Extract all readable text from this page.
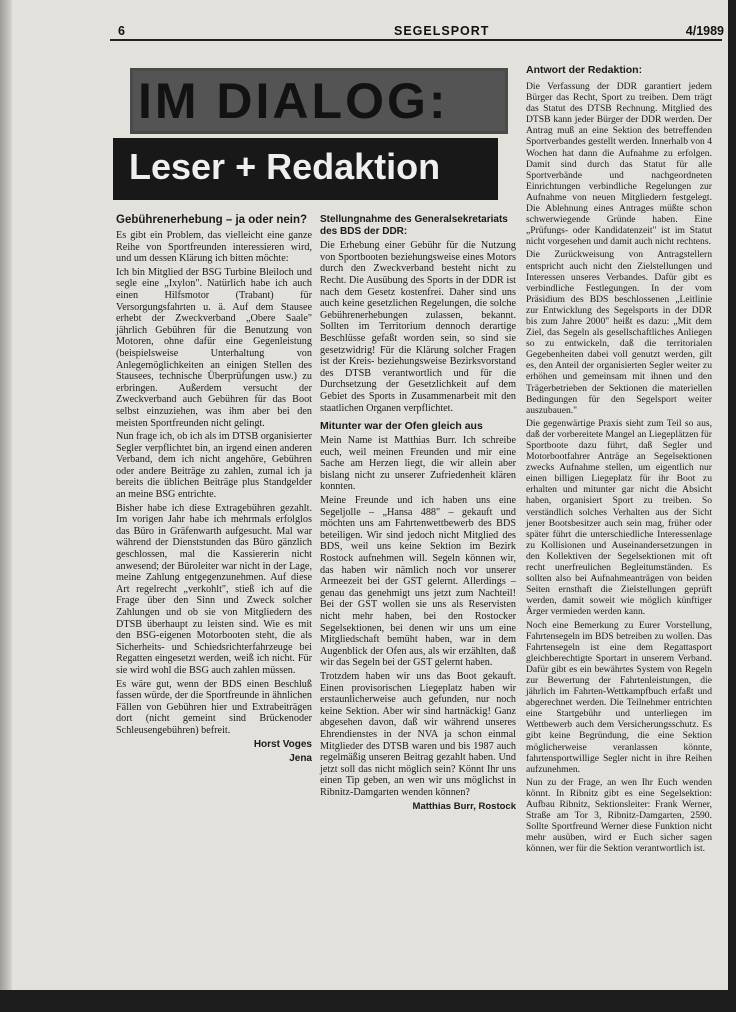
6	SEGELSPORT	4/1989
IM DIALOG:
Leser + Redaktion
Gebührenerhebung – ja oder nein?

Es gibt ein Problem, das vielleicht eine ganze Reihe von Sportfreunden interessieren wird, und um dessen Klärung ich bitten möchte:

Ich bin Mitglied der BSG Turbine Bleiloch und segle eine „Ixylon". Natürlich habe ich auch einen Hilfsmotor (Trabant) für Versorgungsfahrten u. ä. Auf dem Stausee erhebt der Zweckverband „Obere Saale" jährlich Gebühren für die Benutzung von Motoren, ohne dafür eine Gegenleistung (beispielsweise Unterhaltung von Anlegemöglichkeiten an einigen Stellen des Stausees, technische Überprüfungen usw.) zu erbringen. Außerdem versucht der Zweckverband auch Gebühren für das Boot selbst einzuziehen, was ihm aber bei den meisten Sportfreunden nicht gelingt.

Nun frage ich, ob ich als im DTSB organisierter Segler verpflichtet bin, an irgend einen anderen Verband, dem ich nicht angehöre, Gebühren oder andere Beiträge zu zahlen, zumal ich ja bereits die üblichen Beiträge plus Standgelder an meine BSG entrichte.

Bisher habe ich diese Extragebühren gezahlt. Im vorigen Jahr habe ich mehrmals erfolglos das Büro in Gräfenwarth aufgesucht. Mal war während der Dienststunden das Büro gänzlich geschlossen, mal die Kassiererin nicht anwesend; der Büroleiter war nicht in der Lage, meine Zahlung entgegenzunehmen. Auf diese Art regelrecht „verkohlt", stieß ich auf die Frage über den Sinn und Zweck solcher Zahlungen und ob sie von Mitgliedern des DTSB überhaupt zu leisten sind. Wie es mit den BSG-eigenen Motorbooten steht, die als Sicherheits- und Schiedsrichterfahrzeuge bei Regatten eingesetzt werden, weiß ich nicht. Für sie wird wohl die BSG auch zahlen müssen.

Es wäre gut, wenn der BDS einen Beschluß fassen würde, der die Sportfreunde in ähnlichen Fällen von Gebühren hier und Extrabeiträgen dort (nicht gemeint sind Brückenoder Schleusengebühren) befreit.

Horst Voges
Jena
Stellungnahme des Generalsekretariats des BDS der DDR:

Die Erhebung einer Gebühr für die Nutzung von Sportbooten beziehungsweise eines Motors durch den Zweckverband besteht nicht zu Recht. Die Ausübung des Sports in der DDR ist nach dem Gesetz kostenfrei. Daher sind uns auch keine gesetzlichen Regelungen, die solche Gebührenerhebungen zulassen, bekannt. Sollten im Territorium dennoch derartige Beschlüsse gefaßt worden sein, so sind sie gesetzwidrig! Für die Klärung solcher Fragen ist der Kreis- beziehungsweise Bezirksvorstand des DTSB verantwortlich und für die Durchsetzung der Gesetzlichkeit auf dem Gebiet des Sports in Zusammenarbeit mit den staatlichen Organen verpflichtet.

Mitunter war der Ofen gleich aus

Mein Name ist Matthias Burr. Ich schreibe euch, weil meinen Freunden und mir eine Sache am Herzen liegt, die wir allein aber bislang nicht zu unserer Zufriedenheit klären konnten.

Meine Freunde und ich haben uns eine Segeljolle – „Hansa 488" – gekauft und möchten uns am Fahrtenwettbewerb des BDS beteiligen. Wir sind jedoch nicht Mitglied des BDS, weil uns keine Sektion im Bezirk Rostock aufnehmen will. Segeln können wir, das haben wir nämlich noch vor unserer Armeezeit bei der GST gelernt. Allerdings – genau das genehmigt uns jetzt zum Nachteil! Bei der GST wollen sie uns als Reservisten nicht mehr haben, bei den Rostocker Segelsektionen, bei denen wir uns um eine Mitgliedschaft bemüht haben, war in dem Augenblick der Ofen aus, als wir erzählten, daß wir das Segeln bei der GST gelernt haben.

Trotzdem haben wir uns das Boot gekauft. Einen provisorischen Liegeplatz haben wir erstaunlicherweise auch gefunden, nur noch keine Sektion. Aber wir sind hartnäckig! Ganz abgesehen davon, daß wir während unseres Ehrendienstes in der NVA ja schon einmal Mitglieder des DTSB waren und bis 1987 auch regelmäßig unseren Beitrag gezahlt haben. Und jetzt soll das nicht möglich sein? Könnt Ihr uns einen Tip geben, an wen wir uns möglichst in Ribnitz-Damgarten wenden können?

Matthias Burr, Rostock
Antwort der Redaktion:

Die Verfassung der DDR garantiert jedem Bürger das Recht, Sport zu treiben. Dem trägt das Statut des DTSB Rechnung. Mitglied des DTSB kann jeder Bürger der DDR werden. Der Antrag muß an eine Sektion des betreffenden Sportverbandes gestellt werden. Innerhalb von 4 Wochen hat dann die Aufnahme zu erfolgen. Damit sind durch das Statut für alle Sportverbände und nachgeordneten Einrichtungen verbindliche Regelungen zur Aufnahme von neuen Mitgliedern festgelegt. Die Ablehnung eines Antrages müßte schon schwerwiegende Gründe haben. Eine „Prüfungs- oder Kandidatenzeit" ist im Statut nicht vorgesehen und damit auch nicht rechtens.

Die Zurückweisung von Antragstellern entspricht auch nicht den Zielstellungen und Interessen unseres Verbandes. Dafür gibt es verbindliche Festlegungen. In der vom Präsidium des BDS beschlossenen „Leitlinie zur Entwicklung des Segelsports in der DDR bis zum Jahre 2000" heißt es dazu: „Mit dem Ziel, das Segeln als gesellschaftliches Anliegen so zu entwickeln, daß die territorialen Gegebenheiten dabei voll genutzt werden, gilt es, den Anteil der organisierten Segler weiter zu erhöhen und gemeinsam mit ihnen und den Trägerbetrieben der Sektionen die materiellen Bedingungen für den Segelsport weiter auszubauen."

Die gegenwärtige Praxis sieht zum Teil so aus, daß der vorbereitete Mangel an Liegeplätzen für Sportboote dazu führt, daß Segler und Motorbootfahrer Anträge an Segelsektionen zwecks Aufnahme stellen, um eigentlich nur einen billigen Liegeplatz für ihr Boot zu erhalten und mitunter gar nicht die Absicht haben, organisiert Sport zu treiben. So verständlich solches Verhalten aus der Sicht jener Bootsbesitzer auch sein mag, früher oder später führt die unterschiedliche Interessenlage zu Kollisionen und Auseinandersetzungen in den Kollektiven der Segelsektionen mit oft recht unerfreulichen Begleitumständen. Es sollten also bei Aufnahmeanträgen von beiden Seiten ernsthaft die Zielstellungen geprüft werden, damit soweit wie möglich künftiger Ärger vermieden werden kann.

Noch eine Bemerkung zu Eurer Vorstellung, Fahrtensegeln im BDS betreiben zu wollen. Das Fahrtensegeln ist eine dem Regattasport gleichberechtigte Sportart in unserem Verband. Dafür gibt es ein bewährtes System von Regeln zur Bewertung der Fahrtenleistungen, die jährlich im Fahrten-Wettkampfbuch erfaßt und abgerechnet werden. Die Teilnehmer entrichten eine Startgebühr und unterliegen im Wettbewerb auch dem Versicherungsschutz. Es gibt keine Begründung, die eine Sektion möglicherweise veranlassen könnte, fahrtensportwillige Segler nicht in ihre Reihen aufzunehmen.

Nun zu der Frage, an wen Ihr Euch wenden könnt. In Ribnitz gibt es eine Segelsektion: Aufbau Ribnitz, Sektionsleiter: Frank Werner, Straße am Tor 3, Ribnitz-Damgarten, 2590. Sollte Sportfreund Werner diese Funktion nicht mehr ausüben, wird er Euch sicher sagen können, wer für die Sektion verantwortlich ist.
